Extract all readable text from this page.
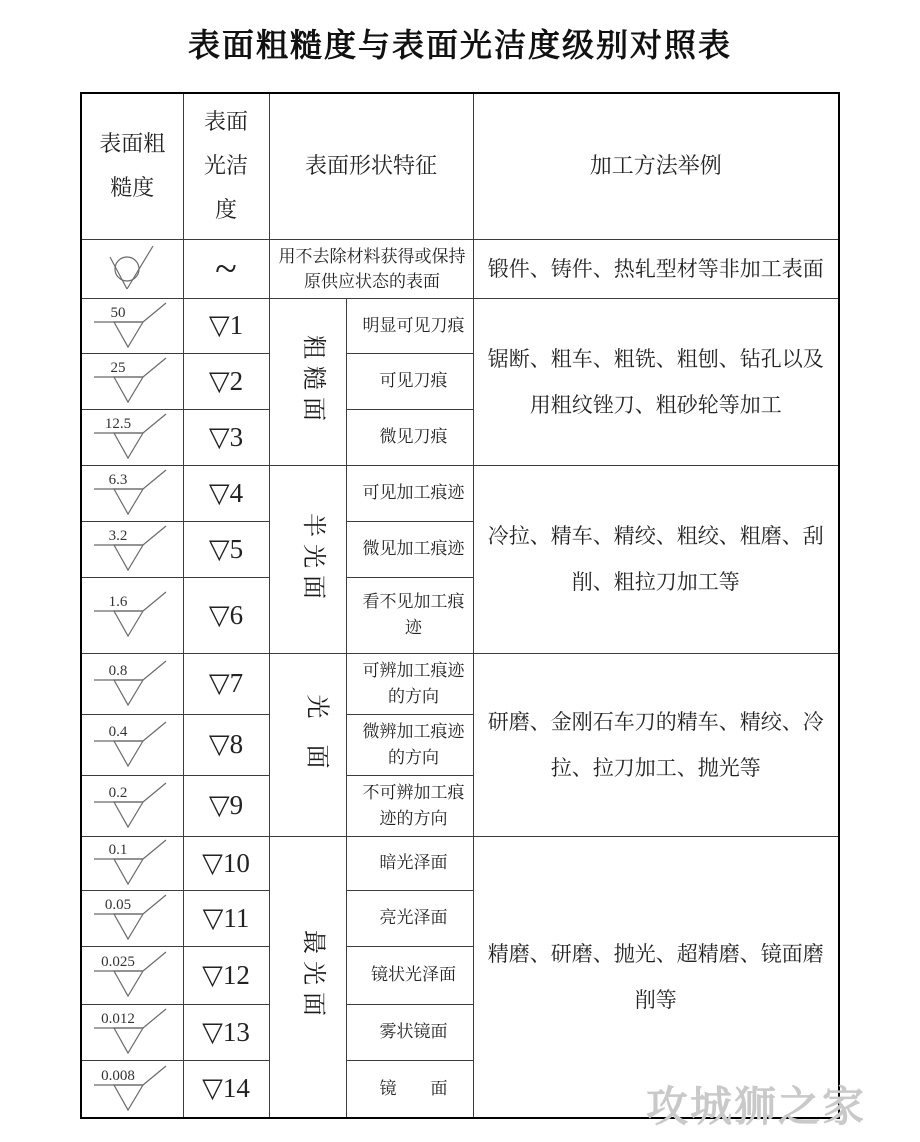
表面粗糙度与表面光洁度级别对照表
表面粗糙度	表面光洁度	表面形状特征		加工方法举例

	~	用不去除材料获得或保持原供应状态的表面		锻件、铸件、热轧型材等非加工表面

50	▽1	粗糙面	明显可见刀痕	锯断、粗车、粗铣、粗刨、钻孔以及用粗纹锉刀、粗砂轮等加工

25	▽2		可见刀痕	

12.5	▽3		微见刀痕	

6.3	▽4	半光面	可见加工痕迹	冷拉、精车、精绞、粗绞、粗磨、刮削、粗拉刀加工等

3.2	▽5		微见加工痕迹	

1.6	▽6		看不见加工痕迹	

0.8	▽7	光面	可辨加工痕迹的方向	研磨、金刚石车刀的精车、精绞、冷拉、拉刀加工、抛光等

0.4	▽8		微辨加工痕迹的方向	

0.2	▽9		不可辨加工痕迹的方向	

0.1	▽10	最光面	暗光泽面	精磨、研磨、抛光、超精磨、镜面磨削等

0.05	▽11		亮光泽面	

0.025	▽12		镜状光泽面	

0.012	▽13		雾状镜面	

0.008	▽14		镜　　面		攻城狮之家
